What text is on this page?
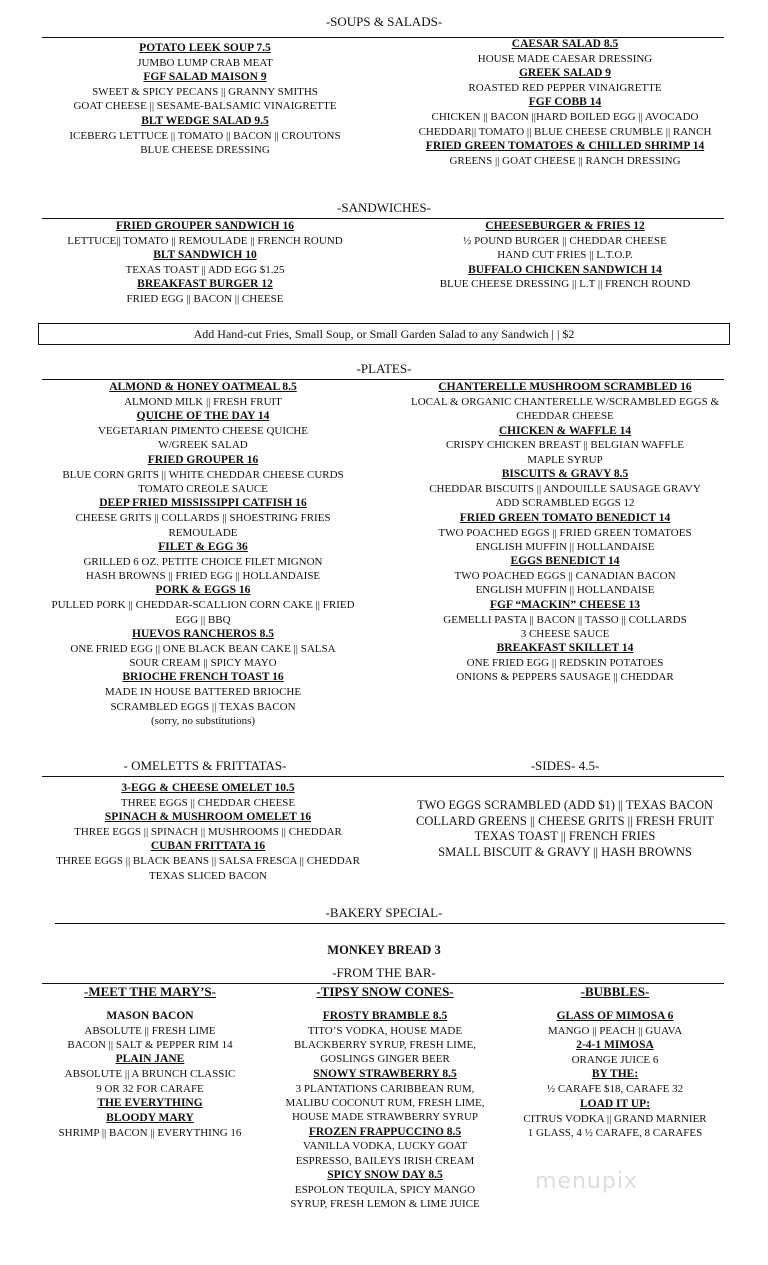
-SOUPS & SALADS-
POTATO LEEK SOUP 7.5
JUMBO LUMP CRAB MEAT
FGF SALAD MAISON 9
SWEET & SPICY PECANS || GRANNY SMITHS
GOAT CHEESE || SESAME-BALSAMIC VINAIGRETTE
BLT WEDGE SALAD 9.5
ICEBERG LETTUCE || TOMATO || BACON || CROUTONS
BLUE CHEESE DRESSING
CAESAR SALAD 8.5
HOUSE MADE CAESAR DRESSING
GREEK SALAD 9
ROASTED RED PEPPER VINAIGRETTE
FGF COBB 14
CHICKEN || BACON ||HARD BOILED EGG || AVOCADO
CHEDDAR|| TOMATO || BLUE CHEESE CRUMBLE || RANCH
FRIED GREEN TOMATOES & CHILLED SHRIMP 14
GREENS || GOAT CHEESE || RANCH DRESSING
-SANDWICHES-
FRIED GROUPER SANDWICH 16
LETTUCE|| TOMATO || REMOULADE || FRENCH ROUND
BLT SANDWICH 10
TEXAS TOAST || ADD EGG $1.25
BREAKFAST BURGER 12
FRIED EGG || BACON || CHEESE
CHEESEBURGER & FRIES 12
½ POUND BURGER || CHEDDAR CHEESE
HAND CUT FRIES || L.T.O.P.
BUFFALO CHICKEN SANDWICH 14
BLUE CHEESE DRESSING || L.T || FRENCH ROUND
Add Hand-cut Fries, Small Soup, or Small Garden Salad to any Sandwich | | $2
-PLATES-
ALMOND & HONEY OATMEAL 8.5
ALMOND MILK || FRESH FRUIT
QUICHE OF THE DAY 14
VEGETARIAN PIMENTO CHEESE QUICHE
W/GREEK SALAD
FRIED GROUPER 16
BLUE CORN GRITS || WHITE CHEDDAR CHEESE CURDS
TOMATO CREOLE SAUCE
DEEP FRIED MISSISSIPPI CATFISH 16
CHEESE GRITS || COLLARDS || SHOESTRING FRIES
REMOULADE
FILET & EGG 36
GRILLED 6 OZ. PETITE CHOICE FILET MIGNON
HASH BROWNS || FRIED EGG || HOLLANDAISE
PORK & EGGS 16
PULLED PORK || CHEDDAR-SCALLION CORN CAKE || FRIED
EGG || BBQ
HUEVOS RANCHEROS 8.5
ONE FRIED EGG || ONE BLACK BEAN CAKE || SALSA
SOUR CREAM || SPICY MAYO
BRIOCHE FRENCH TOAST 16
MADE IN HOUSE BATTERED BRIOCHE
SCRAMBLED EGGS || TEXAS BACON
(sorry, no substitutions)
CHANTERELLE MUSHROOM SCRAMBLED 16
LOCAL & ORGANIC CHANTERELLE W/SCRAMBLED EGGS &
CHEDDAR CHEESE
CHICKEN & WAFFLE 14
CRISPY CHICKEN BREAST || BELGIAN WAFFLE
MAPLE SYRUP
BISCUITS & GRAVY 8.5
CHEDDAR BISCUITS || ANDOUILLE SAUSAGE GRAVY
ADD SCRAMBLED EGGS 12
FRIED GREEN TOMATO BENEDICT 14
TWO POACHED EGGS || FRIED GREEN TOMATOES
ENGLISH MUFFIN || HOLLANDAISE
EGGS BENEDICT 14
TWO POACHED EGGS || CANADIAN BACON
ENGLISH MUFFIN || HOLLANDAISE
FGF “MACKIN” CHEESE 13
GEMELLI PASTA || BACON || TASSO || COLLARDS
3 CHEESE SAUCE
BREAKFAST SKILLET 14
ONE FRIED EGG || REDSKIN POTATOES
ONIONS & PEPPERS SAUSAGE || CHEDDAR
- OMELETTS & FRITTATAS-	-SIDES- 4.5-
3-EGG & CHEESE OMELET 10.5
THREE EGGS || CHEDDAR CHEESE
SPINACH & MUSHROOM OMELET 16
THREE EGGS || SPINACH || MUSHROOMS || CHEDDAR
CUBAN FRITTATA 16
THREE EGGS || BLACK BEANS || SALSA FRESCA || CHEDDAR
TEXAS SLICED BACON
TWO EGGS SCRAMBLED (ADD $1) || TEXAS BACON
COLLARD GREENS || CHEESE GRITS || FRESH FRUIT
TEXAS TOAST || FRENCH FRIES
SMALL BISCUIT & GRAVY || HASH BROWNS
-BAKERY SPECIAL-
MONKEY BREAD 3
-FROM THE BAR-
-MEET THE MARY’S-
MASON BACON
ABSOLUTE || FRESH LIME
BACON || SALT & PEPPER RIM 14
PLAIN JANE
ABSOLUTE || A BRUNCH CLASSIC
9 OR 32 FOR CARAFE
THE EVERYTHING
BLOODY MARY
SHRIMP || BACON || EVERYTHING 16
-TIPSY SNOW CONES-
FROSTY BRAMBLE 8.5
TITO’S VODKA, HOUSE MADE
BLACKBERRY SYRUP, FRESH LIME,
GOSLINGS GINGER BEER
SNOWY STRAWBERRY 8.5
3 PLANTATIONS CARIBBEAN RUM,
MALIBU COCONUT RUM, FRESH LIME,
HOUSE MADE STRAWBERRY SYRUP
FROZEN FRAPPUCCINO 8.5
VANILLA VODKA, LUCKY GOAT
ESPRESSO, BAILEYS IRISH CREAM
SPICY SNOW DAY 8.5
ESPOLON TEQUILA, SPICY MANGO
SYRUP, FRESH LEMON & LIME JUICE
-BUBBLES-
GLASS OF MIMOSA 6
MANGO || PEACH || GUAVA
2-4-1 MIMOSA
ORANGE JUICE 6
BY THE:
½ CARAFE $18, CARAFE 32
LOAD IT UP:
CITRUS VODKA || GRAND MARNIER
1 GLASS, 4 ½ CARAFE, 8 CARAFES
menupix
